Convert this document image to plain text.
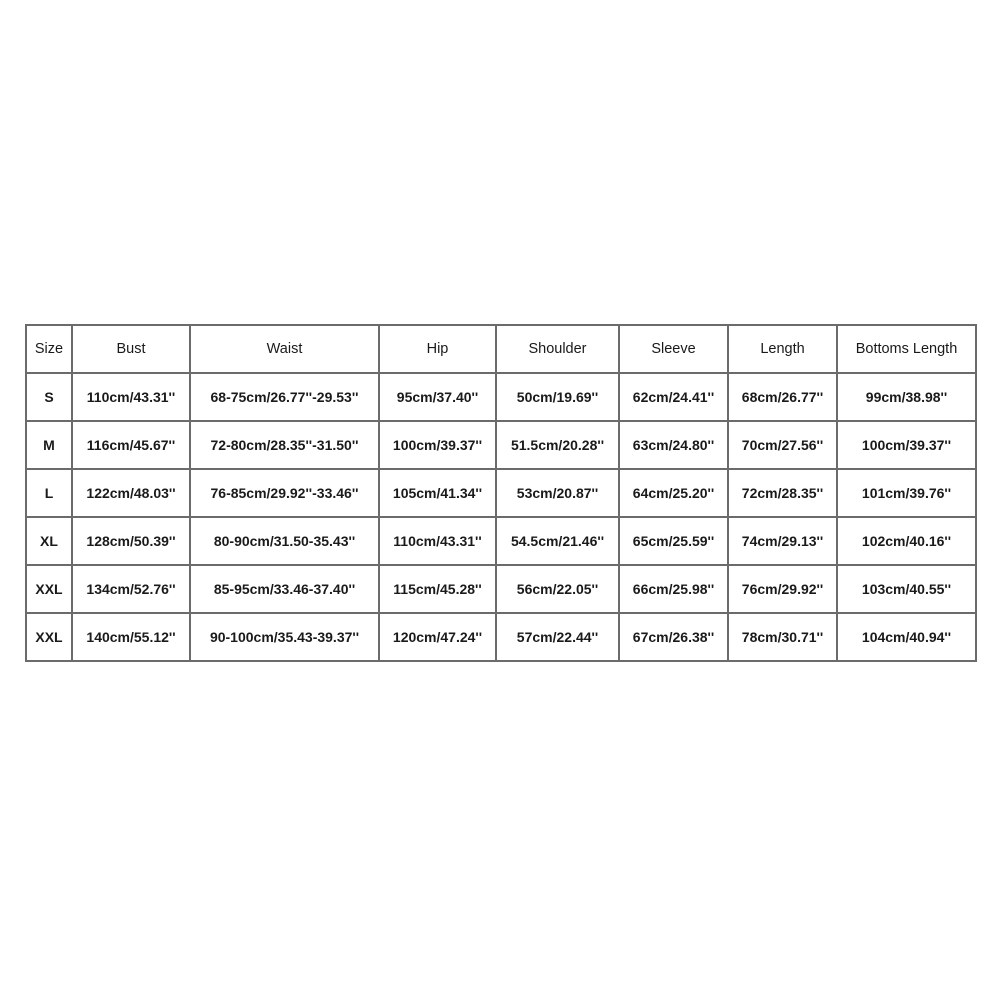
Size	Bust	Waist	Hip	Shoulder	Sleeve	Length	Bottoms Length
S	110cm/43.31''	68-75cm/26.77''-29.53''	95cm/37.40''	50cm/19.69''	62cm/24.41''	68cm/26.77''	99cm/38.98''
M	116cm/45.67''	72-80cm/28.35''-31.50''	100cm/39.37''	51.5cm/20.28''	63cm/24.80''	70cm/27.56''	100cm/39.37''
L	122cm/48.03''	76-85cm/29.92''-33.46''	105cm/41.34''	53cm/20.87''	64cm/25.20''	72cm/28.35''	101cm/39.76''
XL	128cm/50.39''	80-90cm/31.50-35.43''	110cm/43.31''	54.5cm/21.46''	65cm/25.59''	74cm/29.13''	102cm/40.16''
XXL	134cm/52.76''	85-95cm/33.46-37.40''	115cm/45.28''	56cm/22.05''	66cm/25.98''	76cm/29.92''	103cm/40.55''
XXL	140cm/55.12''	90-100cm/35.43-39.37''	120cm/47.24''	57cm/22.44''	67cm/26.38''	78cm/30.71''	104cm/40.94''
